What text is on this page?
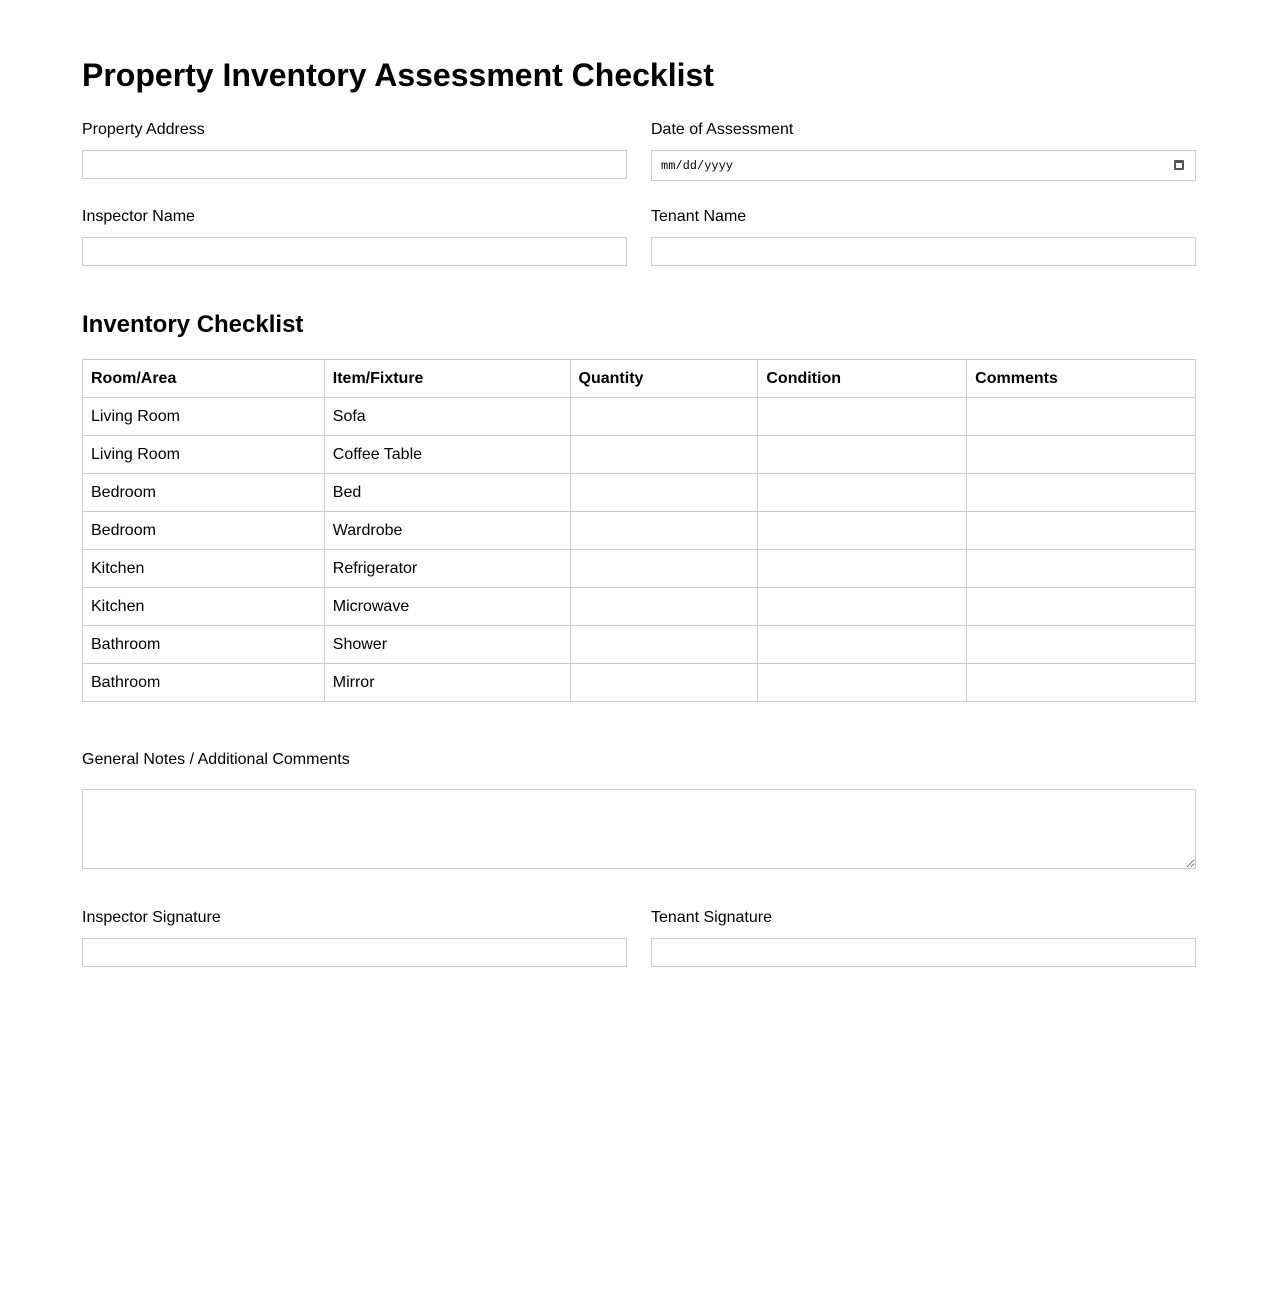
Property Inventory Assessment Checklist
Property Address	Date of Assessment
mm/dd/yyyy
Inspector Name	Tenant Name
Inventory Checklist
Room/Area	Item/Fixture	Quantity	Condition	Comments
Living Room	Sofa			
Living Room	Coffee Table			
Bedroom	Bed			
Bedroom	Wardrobe			
Kitchen	Refrigerator			
Kitchen	Microwave			
Bathroom	Shower			
Bathroom	Mirror			
General Notes / Additional Comments
Inspector Signature	Tenant Signature
